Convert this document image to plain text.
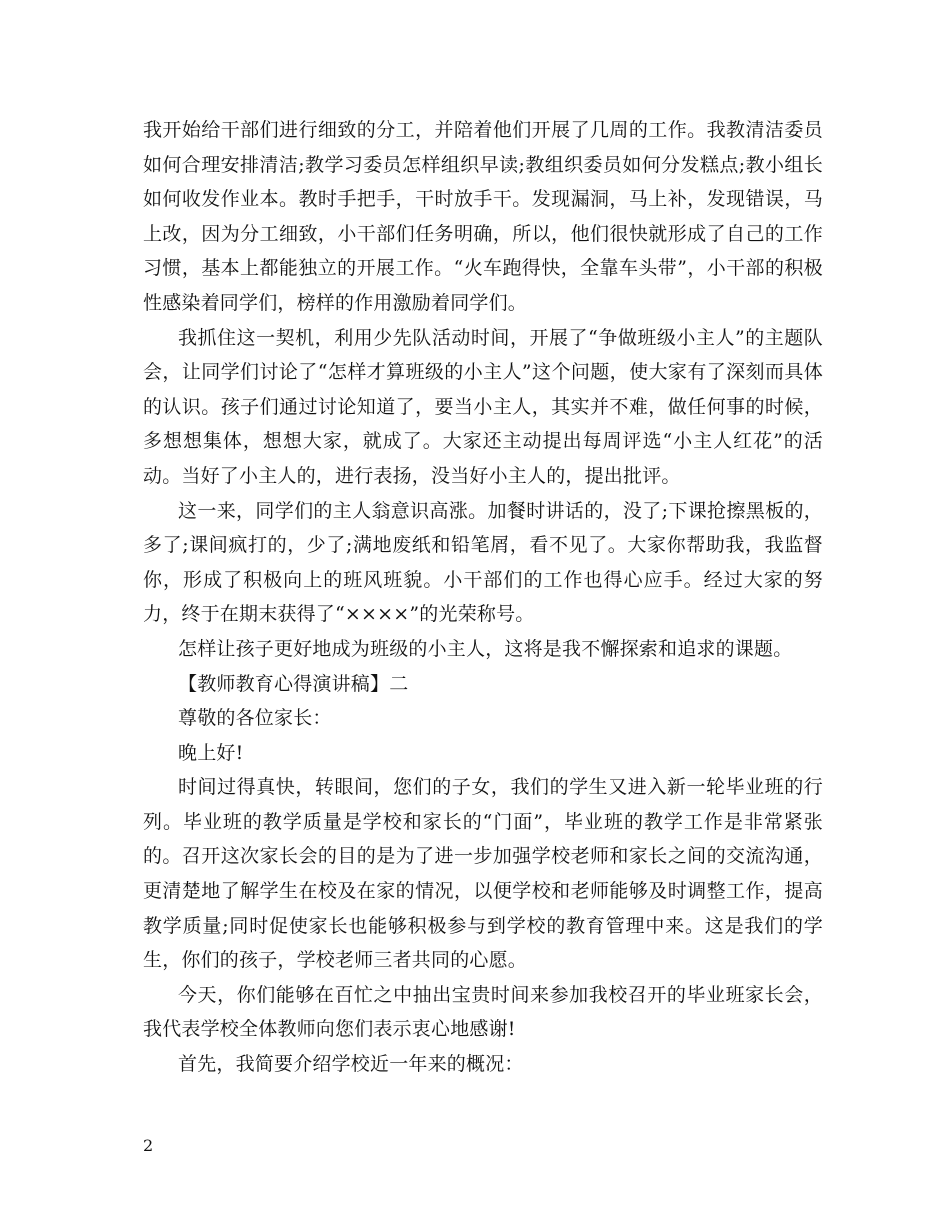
我开始给干部们进行细致的分工，并陪着他们开展了几周的工作。我教清洁委员如何合理安排清洁;教学习委员怎样组织早读;教组织委员如何分发糕点;教小组长如何收发作业本。教时手把手，干时放手干。发现漏洞，马上补，发现错误，马上改，因为分工细致，小干部们任务明确，所以，他们很快就形成了自己的工作习惯，基本上都能独立的开展工作。“火车跑得快，全靠车头带”，小干部的积极性感染着同学们，榜样的作用激励着同学们。

我抓住这一契机，利用少先队活动时间，开展了“争做班级小主人”的主题队会，让同学们讨论了“怎样才算班级的小主人”这个问题，使大家有了深刻而具体的认识。孩子们通过讨论知道了，要当小主人，其实并不难，做任何事的时候，多想想集体，想想大家，就成了。大家还主动提出每周评选“小主人红花”的活动。当好了小主人的，进行表扬，没当好小主人的，提出批评。

这一来，同学们的主人翁意识高涨。加餐时讲话的，没了;下课抢擦黑板的，多了;课间疯打的，少了;满地废纸和铅笔屑，看不见了。大家你帮助我，我监督你，形成了积极向上的班风班貌。小干部们的工作也得心应手。经过大家的努力，终于在期末获得了“××××”的光荣称号。

怎样让孩子更好地成为班级的小主人，这将是我不懈探索和追求的课题。

【教师教育心得演讲稿】二

尊敬的各位家长：

晚上好!

时间过得真快，转眼间，您们的子女，我们的学生又进入新一轮毕业班的行列。毕业班的教学质量是学校和家长的“门面”，毕业班的教学工作是非常紧张的。召开这次家长会的目的是为了进一步加强学校老师和家长之间的交流沟通，更清楚地了解学生在校及在家的情况，以便学校和老师能够及时调整工作，提高教学质量;同时促使家长也能够积极参与到学校的教育管理中来。这是我们的学生，你们的孩子，学校老师三者共同的心愿。

今天，你们能够在百忙之中抽出宝贵时间来参加我校召开的毕业班家长会，我代表学校全体教师向您们表示衷心地感谢!

首先，我简要介绍学校近一年来的概况：

2
